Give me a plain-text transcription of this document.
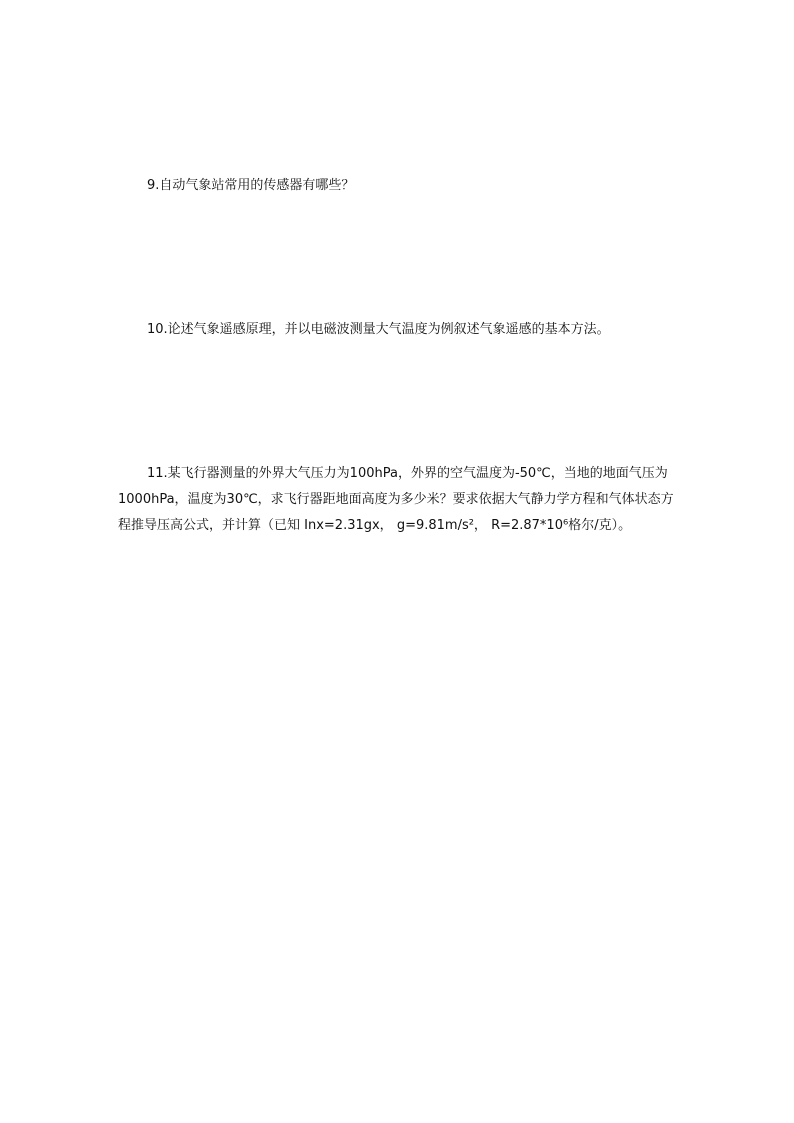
9.自动气象站常用的传感器有哪些？

10.论述气象遥感原理，并以电磁波测量大气温度为例叙述气象遥感的基本方法。

11.某飞行器测量的外界大气压力为100hPa，外界的空气温度为-50℃，当地的地面气压为1000hPa，温度为30℃，求飞行器距地面高度为多少米？要求依据大气静力学方程和气体状态方程推导压高公式，并计算（已知 Inx=2.31gx， g=9.81m/s²， R=2.87*10⁶格尔/克）。
